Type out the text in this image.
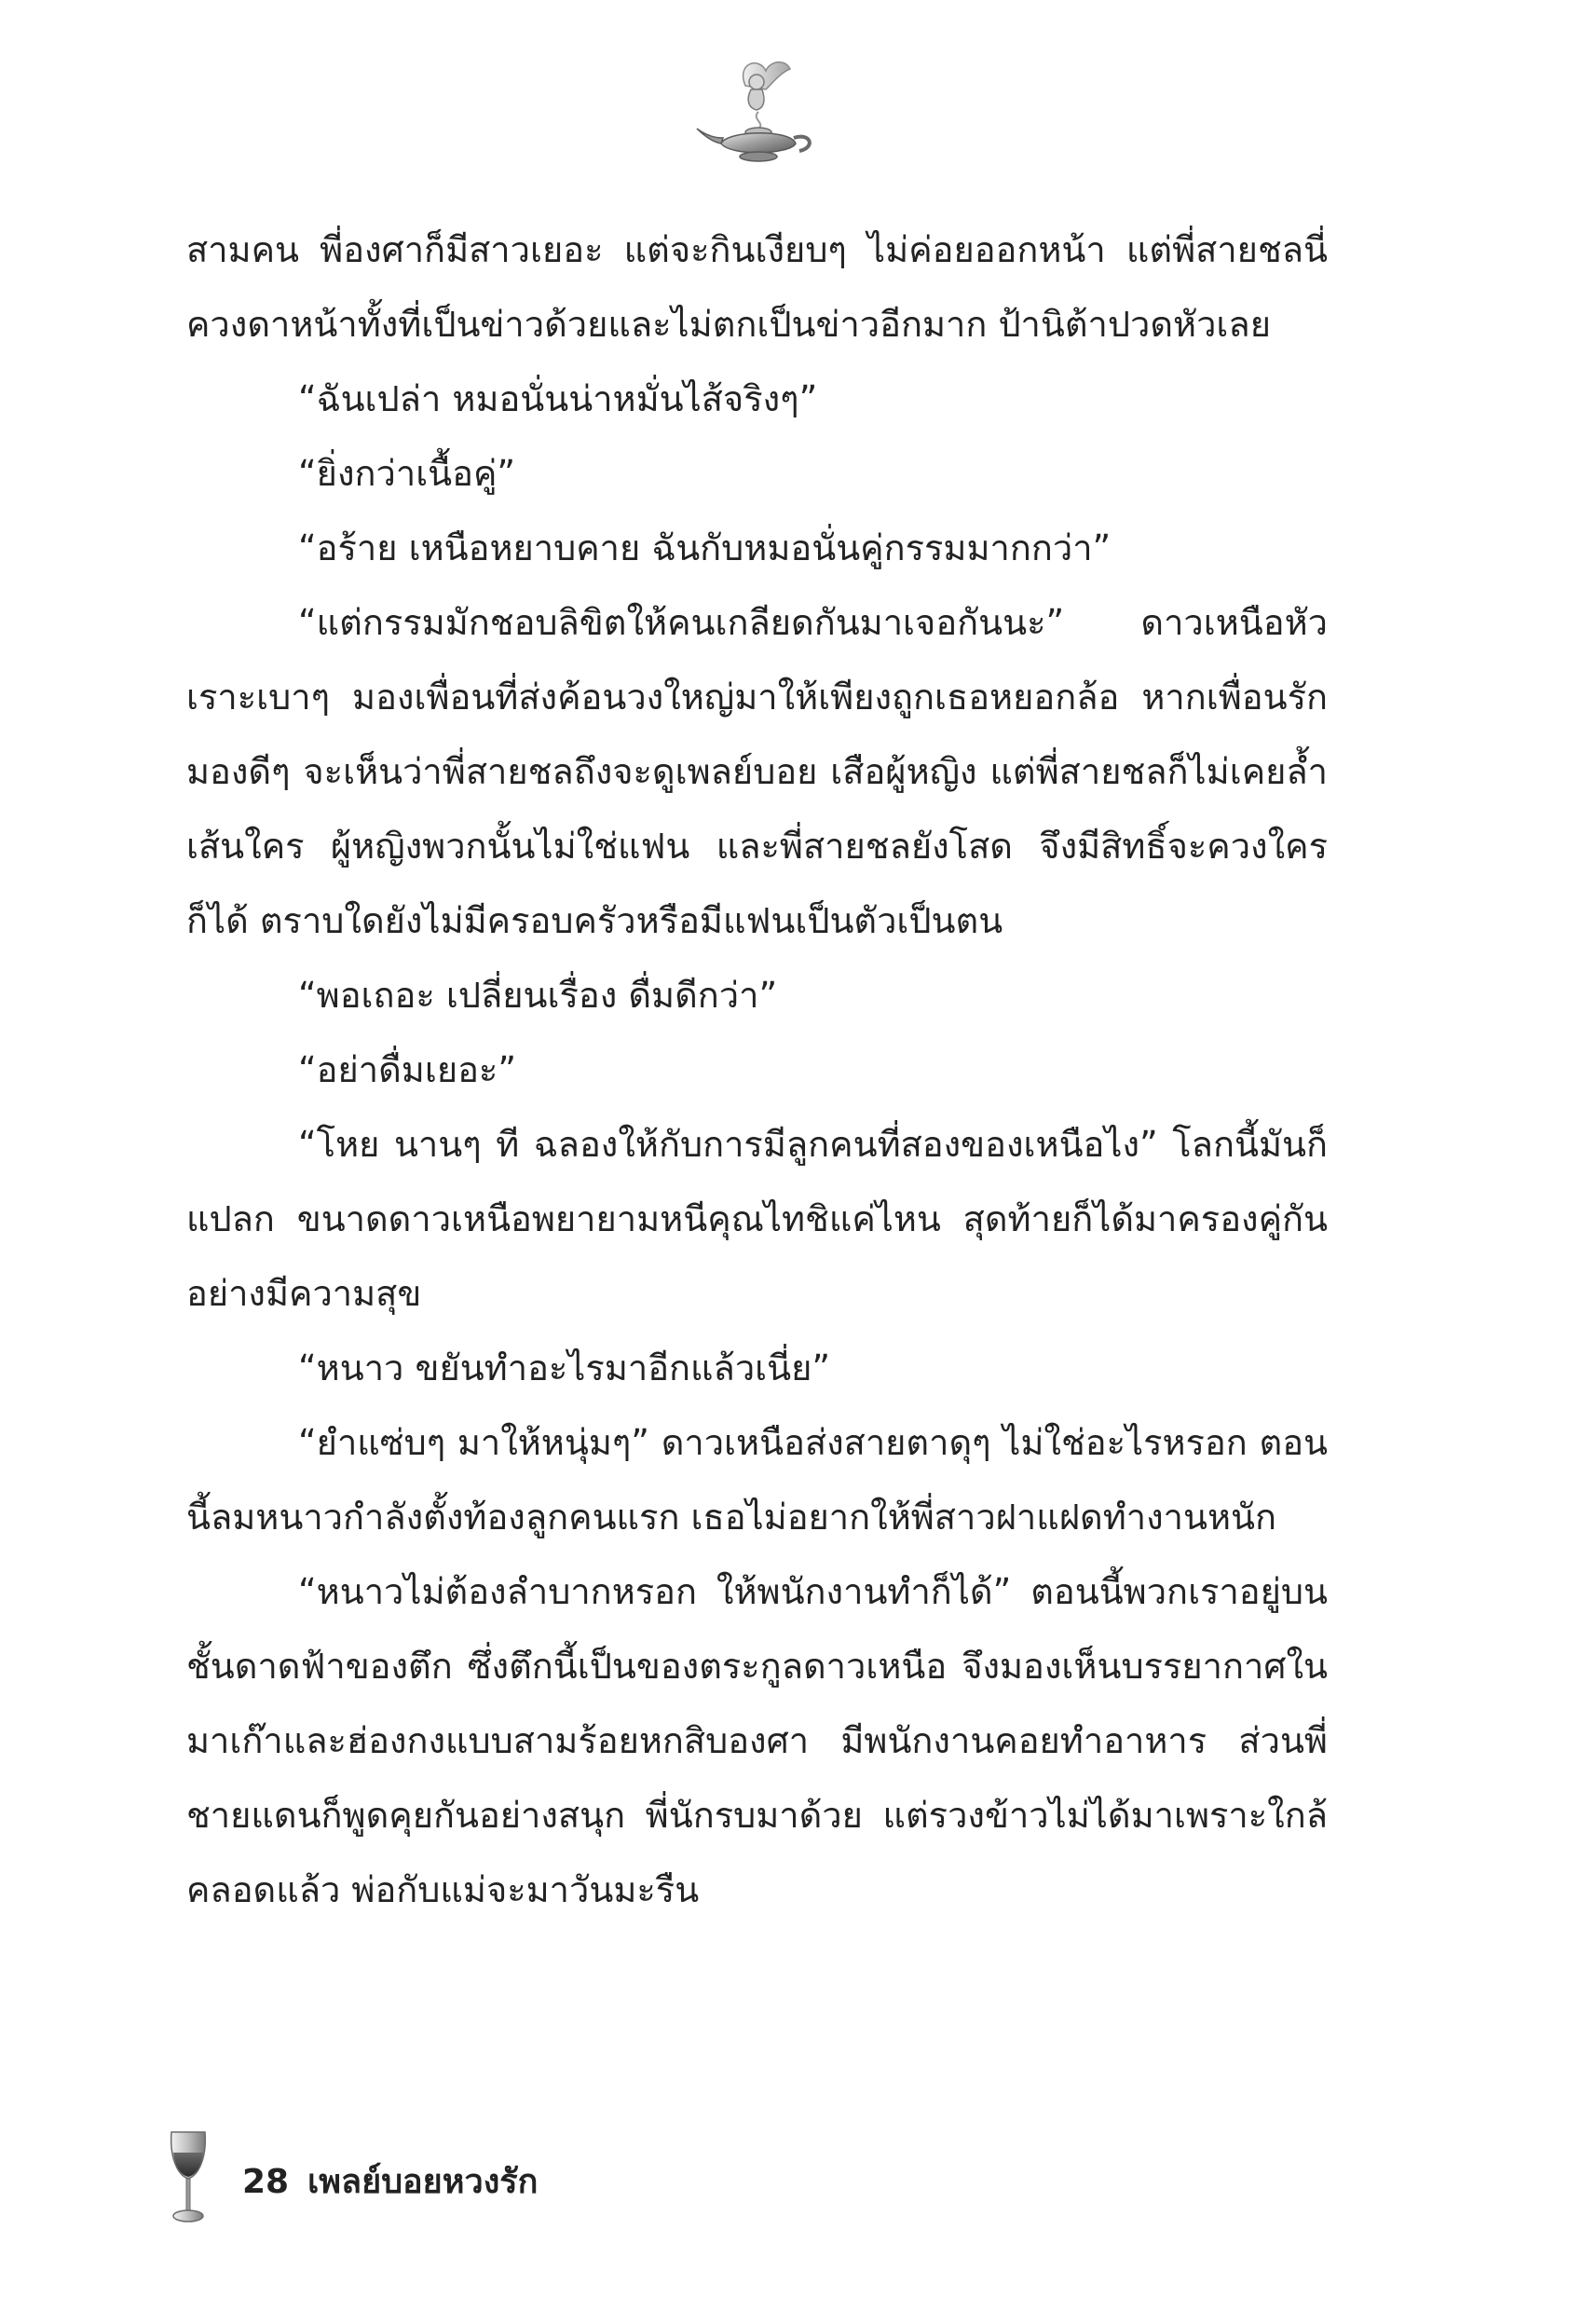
สามคน พี่องศาก็มีสาวเยอะ แต่จะกินเงียบๆ ไม่ค่อยออกหน้า แต่พี่สายชลนี่ควงดาหน้าทั้งที่เป็นข่าวด้วยและไม่ตกเป็นข่าวอีกมาก ป้านิต้าปวดหัวเลย

“ฉันเปล่า หมอนั่นน่าหมั่นไส้จริงๆ”

“ยิ่งกว่าเนื้อคู่”

“อร้าย เหนือหยาบคาย ฉันกับหมอนั่นคู่กรรมมากกว่า”

“แต่กรรมมักชอบลิขิตให้คนเกลียดกันมาเจอกันนะ” ดาวเหนือหัวเราะเบาๆ มองเพื่อนที่ส่งค้อนวงใหญ่มาให้เพียงถูกเธอหยอกล้อ หากเพื่อนรักมองดีๆ จะเห็นว่าพี่สายชลถึงจะดูเพลย์บอย เสือผู้หญิง แต่พี่สายชลก็ไม่เคยล้ำเส้นใคร ผู้หญิงพวกนั้นไม่ใช่แฟน และพี่สายชลยังโสด จึงมีสิทธิ์จะควงใครก็ได้ ตราบใดยังไม่มีครอบครัวหรือมีแฟนเป็นตัวเป็นตน

“พอเถอะ เปลี่ยนเรื่อง ดื่มดีกว่า”

“อย่าดื่มเยอะ”

“โหย นานๆ ที ฉลองให้กับการมีลูกคนที่สองของเหนือไง” โลกนี้มันก็แปลก ขนาดดาวเหนือพยายามหนีคุณไทชิแค่ไหน สุดท้ายก็ได้มาครองคู่กันอย่างมีความสุข

“หนาว ขยันทำอะไรมาอีกแล้วเนี่ย”

“ยำแซ่บๆ มาให้หนุ่มๆ” ดาวเหนือส่งสายตาดุๆ ไม่ใช่อะไรหรอก ตอนนี้ลมหนาวกำลังตั้งท้องลูกคนแรก เธอไม่อยากให้พี่สาวฝาแฝดทำงานหนัก

“หนาวไม่ต้องลำบากหรอก ให้พนักงานทำก็ได้” ตอนนี้พวกเราอยู่บนชั้นดาดฟ้าของตึก ซึ่งตึกนี้เป็นของตระกูลดาวเหนือ จึงมองเห็นบรรยากาศในมาเก๊าและฮ่องกงแบบสามร้อยหกสิบองศา มีพนักงานคอยทำอาหาร ส่วนพี่ชายแดนก็พูดคุยกันอย่างสนุก พี่นักรบมาด้วย แต่รวงข้าวไม่ได้มาเพราะใกล้คลอดแล้ว พ่อกับแม่จะมาวันมะรืน

28 เพลย์บอยหวงรัก
